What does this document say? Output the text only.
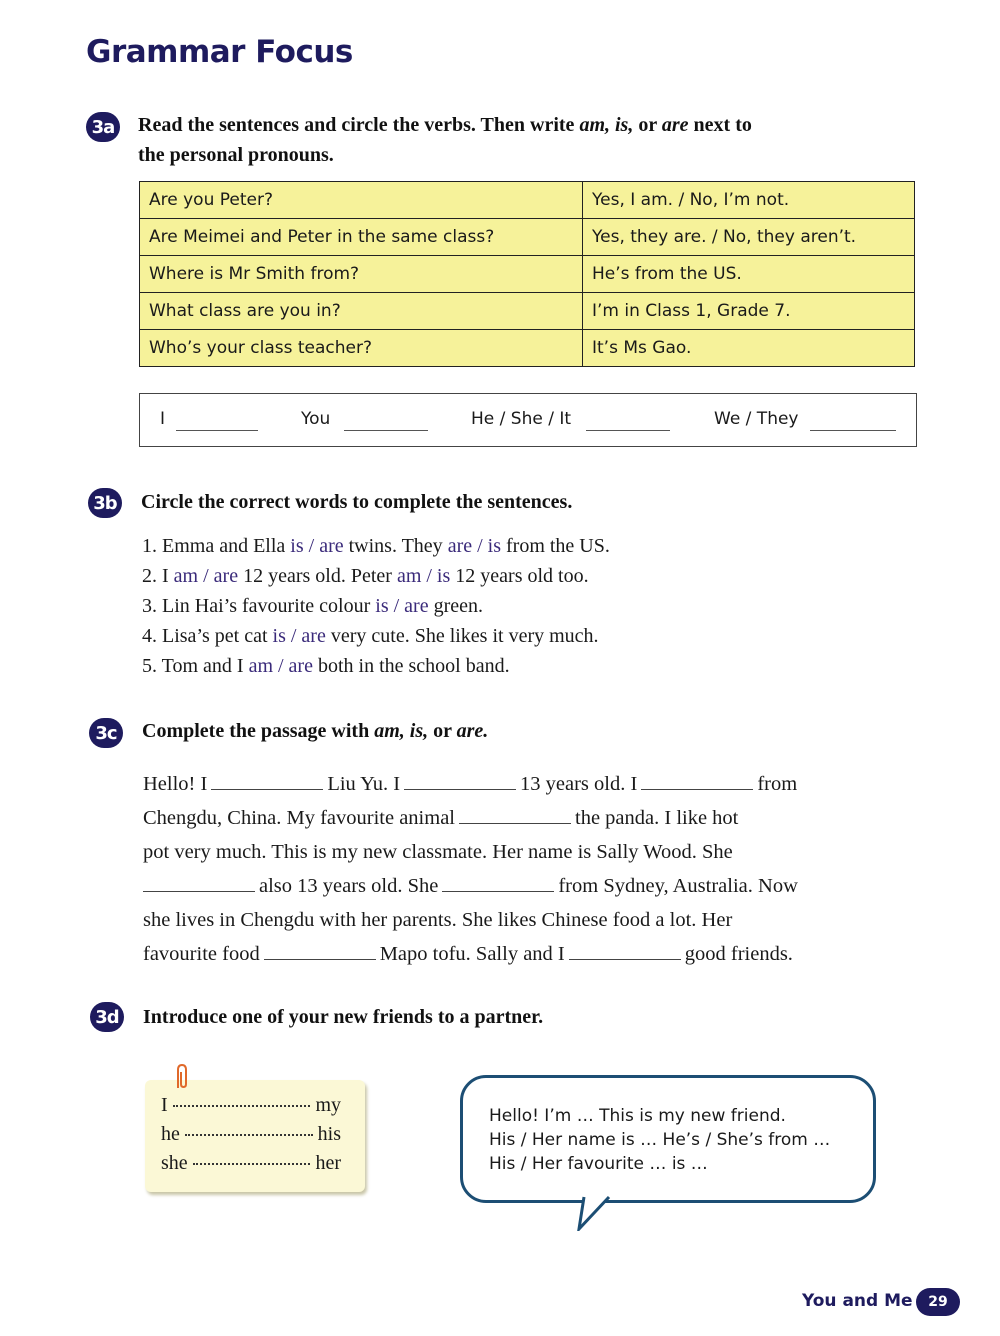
Grammar Focus
3a Read the sentences and circle the verbs. Then write am, is, or are next to
the personal pronouns.
Are you Peter?	Yes, I am. / No, I’m not.
Are Meimei and Peter in the same class?	Yes, they are. / No, they aren’t.
Where is Mr Smith from?	He’s from the US.
What class are you in?	I’m in Class 1, Grade 7.
Who’s your class teacher?	It’s Ms Gao.
I	You	He / She / It	We / They
3b Circle the correct words to complete the sentences.
1. Emma and Ella is / are twins. They are / is from the US.
2. I am / are 12 years old. Peter am / is 12 years old too.
3. Lin Hai’s favourite colour is / are green.
4. Lisa’s pet cat is / are very cute. She likes it very much.
5. Tom and I am / are both in the school band.
3c	Complete the passage with am, is, or are.
Hello! I	Liu Yu. I	13 years old. I	from
Chengdu, China. My favourite animal	the panda. I like hot
pot very much. This is my new classmate. Her name is Sally Wood. She
also 13 years old. She	from Sydney, Australia. Now
she lives in Chengdu with her parents. She likes Chinese food a lot. Her
favourite food	Mapo tofu. Sally and I	good friends.
3d Introduce one of your new friends to a partner.
I	my
he	his
she	her
Hello! I’m … This is my new friend.
His / Her name is … He’s / She’s from …
His / Her favourite … is …
You and Me	29
